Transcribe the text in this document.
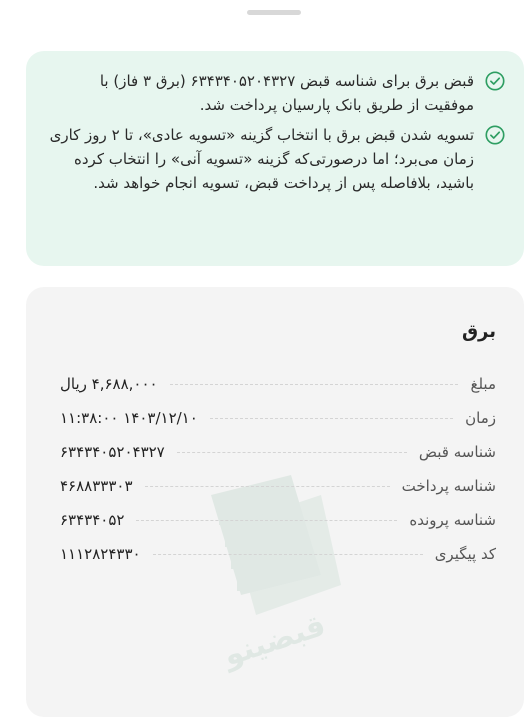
قبض برق برای شناسه قبض ۶۳۴۳۴۰۵۲۰۴۳۲۷ (برق ۳ فاز) با موفقیت از طریق بانک پارسیان پرداخت شد.
تسویه شدن قبض برق با انتخاب گزینه «تسویه عادی»، تا ۲ روز کاری زمان می‌برد؛ اما درصورتی‌که گزینه «تسویه آنی» را انتخاب کرده باشید، بلافاصله پس از پرداخت قبض، تسویه انجام خواهد شد.
قبضینو
برق
۴,۶۸۸,۰۰۰ ریال	مبلغ
۱۴۰۳/۱۲/۱۰ ۱۱:۳۸:۰۰	زمان
۶۳۴۳۴۰۵۲۰۴۳۲۷	شناسه قبض
۴۶۸۸۳۳۳۰۳	شناسه پرداخت
۶۳۴۳۴۰۵۲	شناسه پرونده
۱۱۱۲۸۲۴۳۳۰	کد پیگیری
